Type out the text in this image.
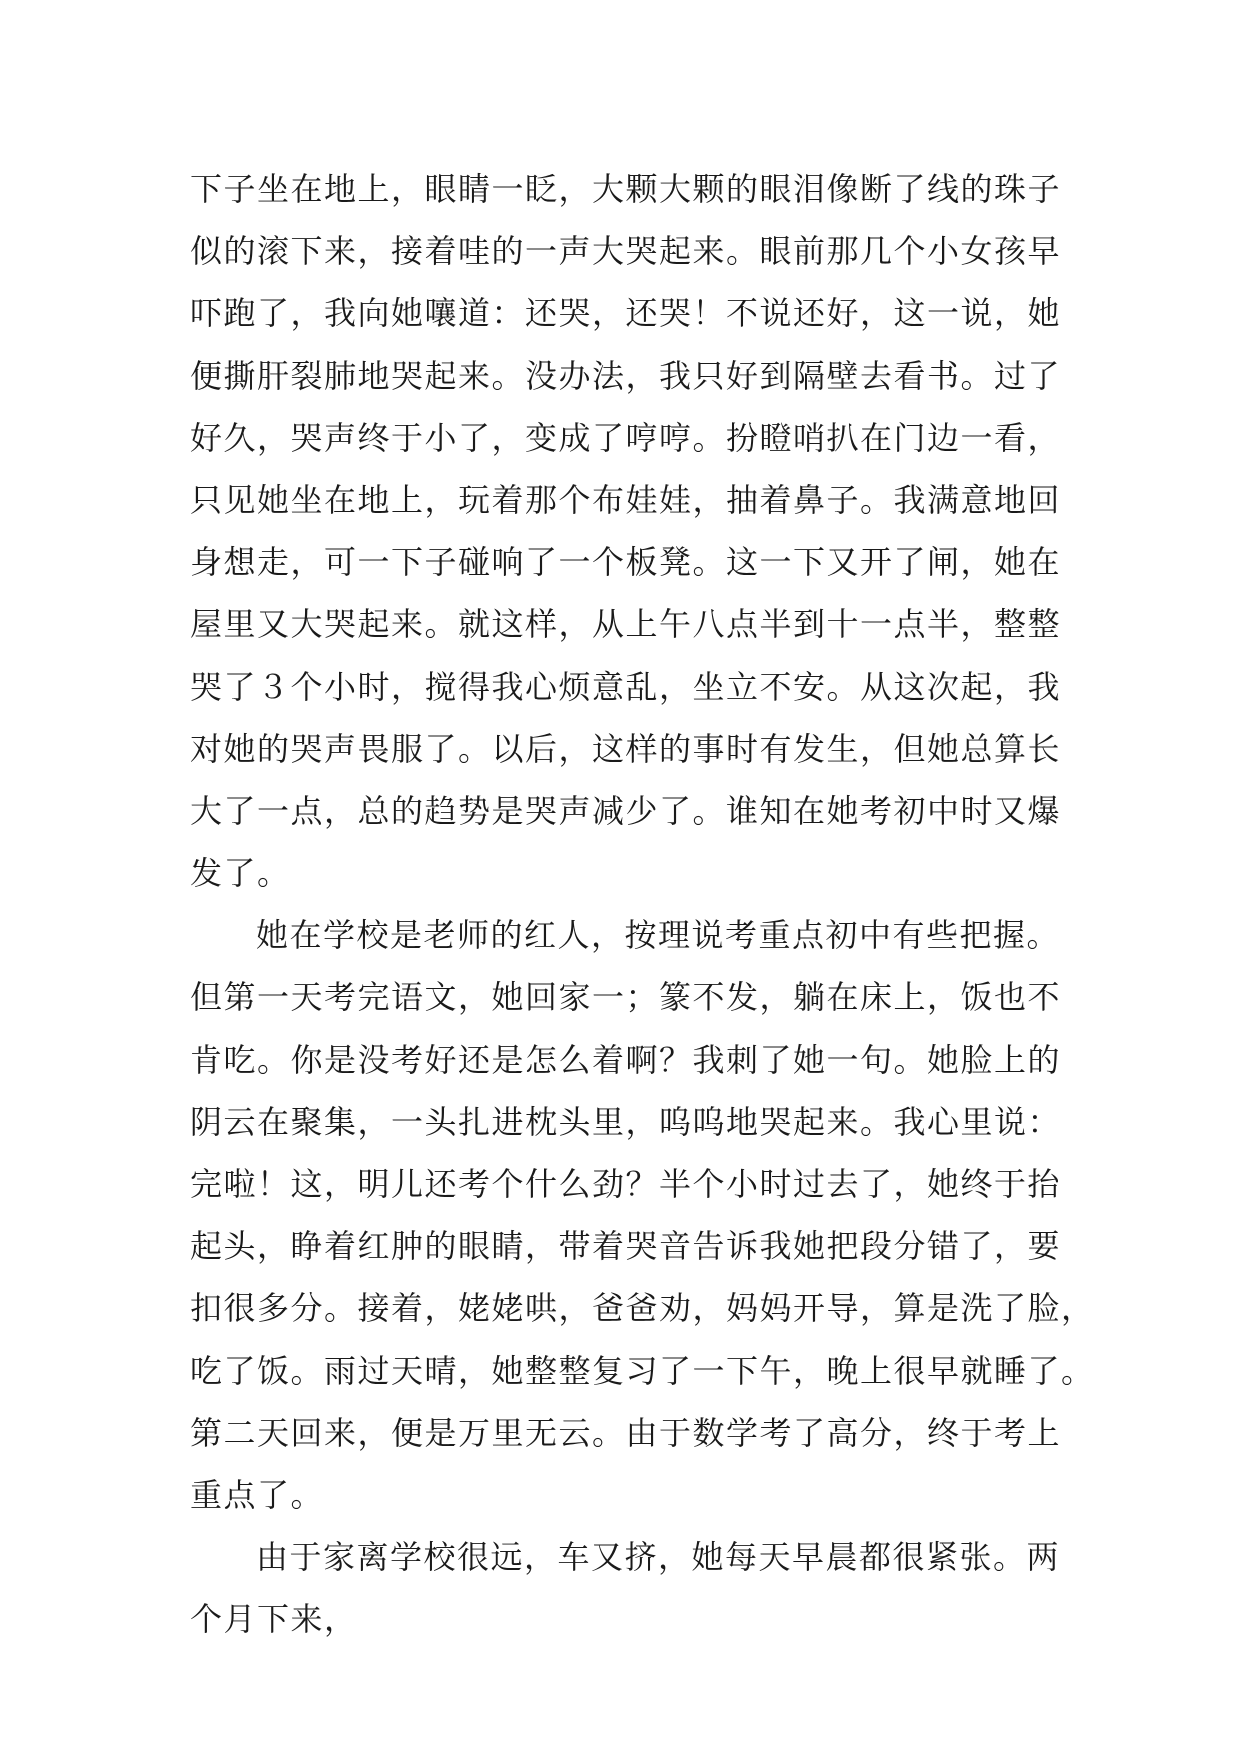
下子坐在地上，眼睛一眨，大颗大颗的眼泪像断了线的珠子
似的滚下来，接着哇的一声大哭起来。眼前那几个小女孩早
吓跑了，我向她嚷道：还哭，还哭！不说还好，这一说，她
便撕肝裂肺地哭起来。没办法，我只好到隔壁去看书。过了
好久，哭声终于小了，变成了哼哼。扮瞪哨扒在门边一看，
只见她坐在地上，玩着那个布娃娃，抽着鼻子。我满意地回
身想走，可一下子碰响了一个板凳。这一下又开了闸，她在
屋里又大哭起来。就这样，从上午八点半到十一点半，整整
哭了３个小时，搅得我心烦意乱，坐立不安。从这次起，我
对她的哭声畏服了。以后，这样的事时有发生，但她总算长
大了一点，总的趋势是哭声减少了。谁知在她考初中时又爆
发了。
她在学校是老师的红人，按理说考重点初中有些把握。
但第一天考完语文，她回家一；篆不发，躺在床上，饭也不
肯吃。你是没考好还是怎么着啊？我刺了她一句。她脸上的
阴云在聚集，一头扎进枕头里，呜呜地哭起来。我心里说：
完啦！这，明儿还考个什么劲？半个小时过去了，她终于抬
起头，睁着红肿的眼睛，带着哭音告诉我她把段分错了，要
扣很多分。接着，姥姥哄，爸爸劝，妈妈开导，算是洗了脸，
吃了饭。雨过天晴，她整整复习了一下午，晚上很早就睡了。
第二天回来，便是万里无云。由于数学考了高分，终于考上
重点了。
由于家离学校很远，车又挤，她每天早晨都很紧张。两
个月下来，
